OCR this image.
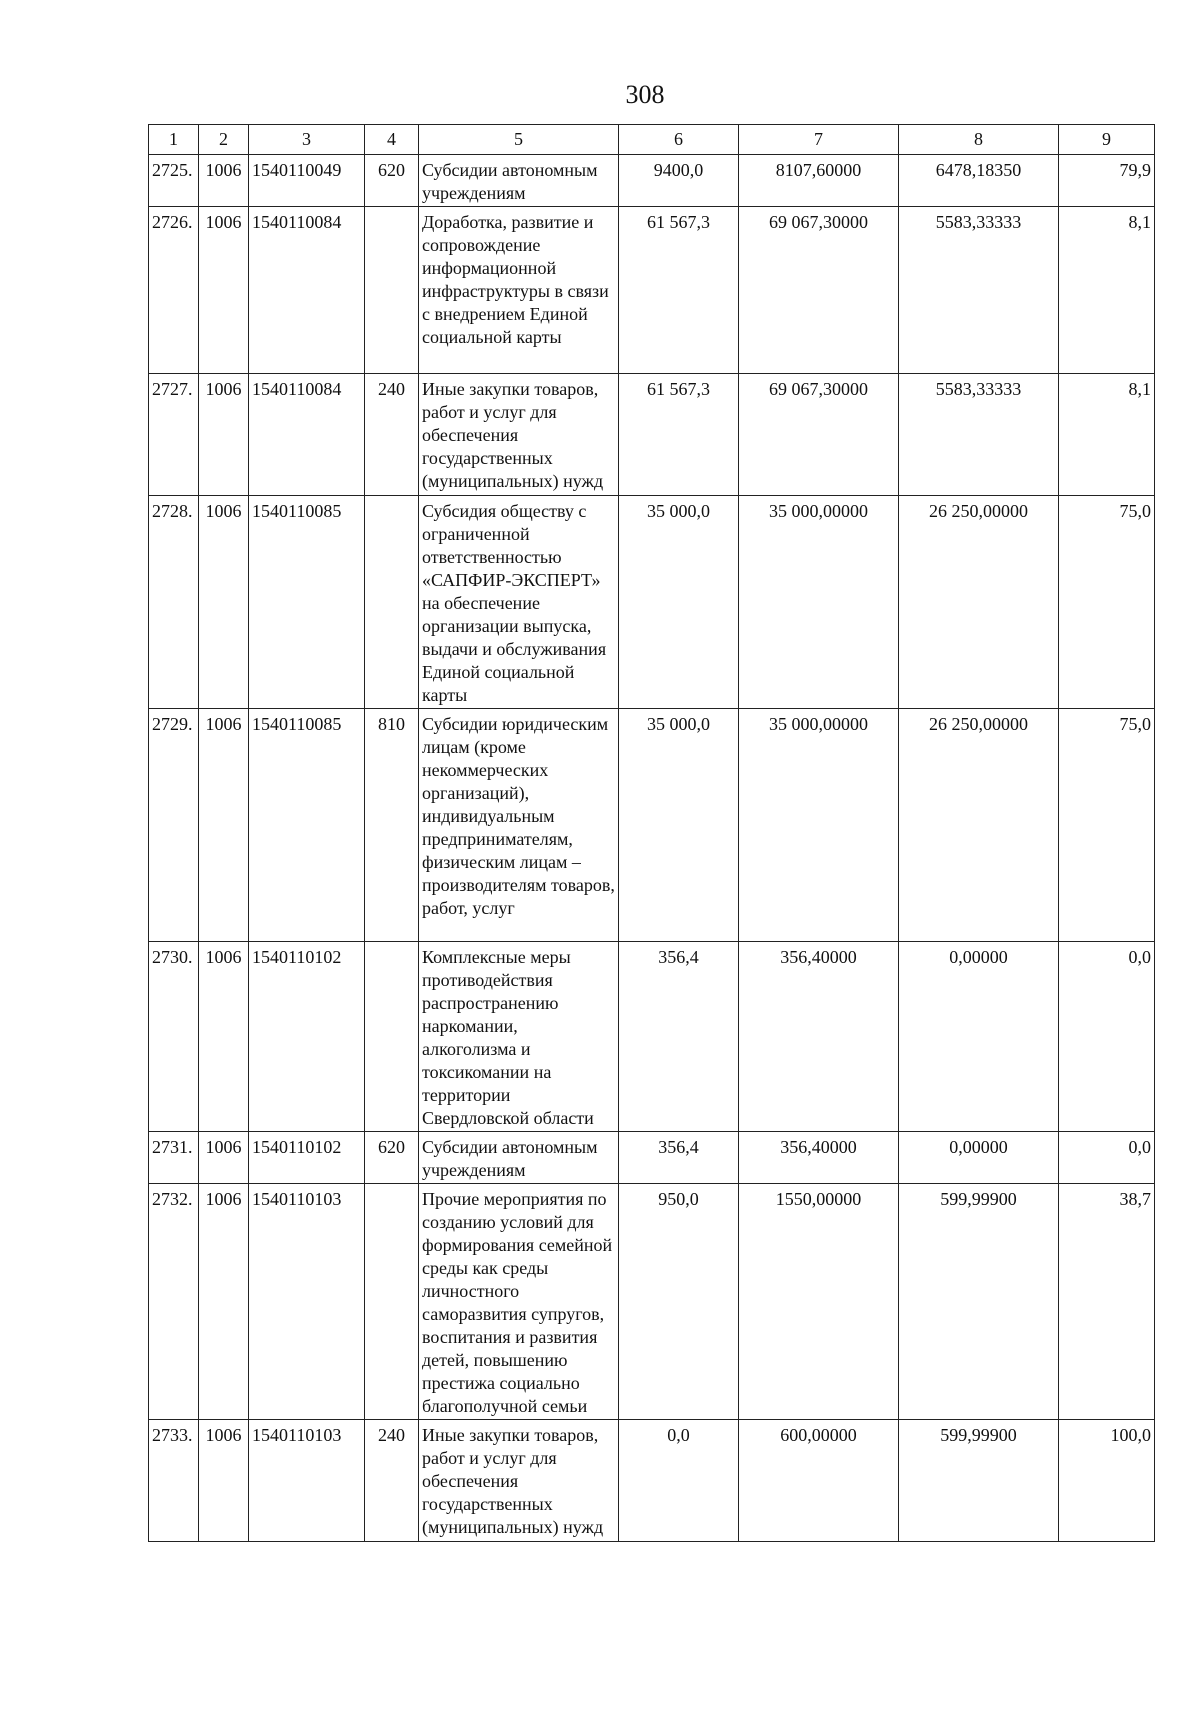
308
1	2	3	4	5	6	7	8	9
2725.	1006	1540110049	620	Субсидии автономным учреждениям	9400,0	8107,60000	6478,18350	79,9
2726.	1006	1540110084		Доработка, развитие и сопровождение информационной инфраструктуры в связи с внедрением Единой социальной карты	61 567,3	69 067,30000	5583,33333	8,1
2727.	1006	1540110084	240	Иные закупки товаров, работ и услуг для обеспечения государственных (муниципальных) нужд	61 567,3	69 067,30000	5583,33333	8,1
2728.	1006	1540110085		Субсидия обществу с ограниченной ответственностью «САПФИР-ЭКСПЕРТ» на обеспечение организации выпуска, выдачи и обслуживания Единой социальной карты	35 000,0	35 000,00000	26 250,00000	75,0
2729.	1006	1540110085	810	Субсидии юридическим лицам (кроме некоммерческих организаций), индивидуальным предпринимателям, физическим лицам – производителям товаров, работ, услуг	35 000,0	35 000,00000	26 250,00000	75,0
2730.	1006	1540110102		Комплексные меры противодействия распространению наркомании, алкоголизма и токсикомании на территории Свердловской области	356,4	356,40000	0,00000	0,0
2731.	1006	1540110102	620	Субсидии автономным учреждениям	356,4	356,40000	0,00000	0,0
2732.	1006	1540110103		Прочие мероприятия по созданию условий для формирования семейной среды как среды личностного саморазвития супругов, воспитания и развития детей, повышению престижа социально благополучной семьи	950,0	1550,00000	599,99900	38,7
2733.	1006	1540110103	240	Иные закупки товаров, работ и услуг для обеспечения государственных (муниципальных) нужд	0,0	600,00000	599,99900	100,0
